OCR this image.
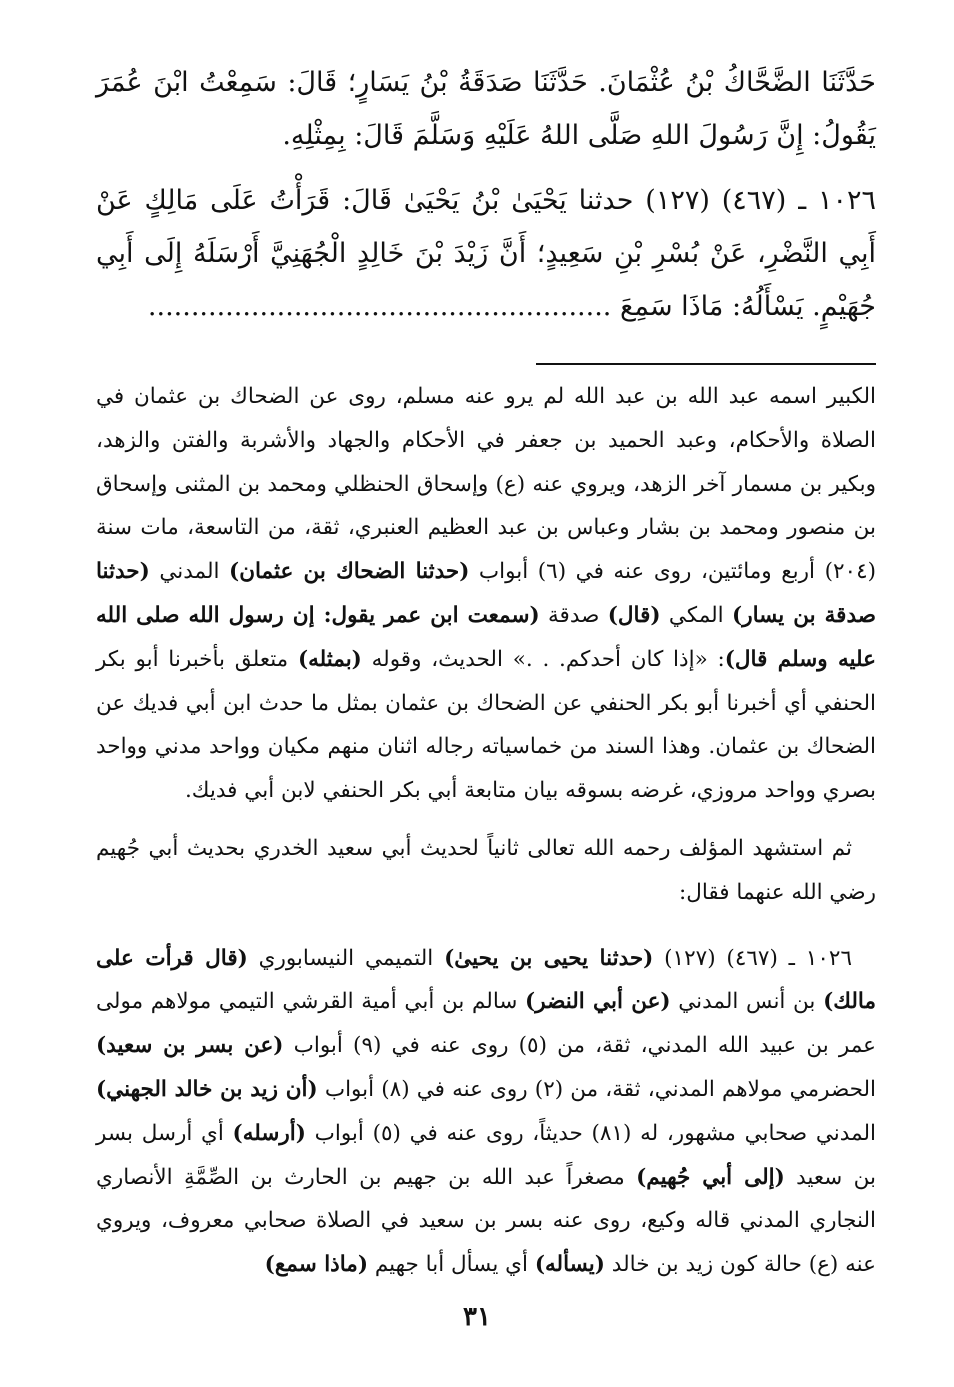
حَدَّثَنَا الضَّحَّاكُ بْنُ عُثْمَانَ. حَدَّثَنَا صَدَقَةُ بْنُ يَسَارٍ؛ قَالَ: سَمِعْتُ ابْنَ عُمَرَ يَقُولُ: إِنَّ رَسُولَ اللهِ صَلَّى اللهُ عَلَيْهِ وَسَلَّمَ قَالَ: بِمِثْلِهِ.

١٠٢٦ ـ (٤٦٧) (١٢٧) حدثنا يَحْيَىٰ بْنُ يَحْيَىٰ قَالَ: قَرَأْتُ عَلَى مَالِكٍ عَنْ أَبِي النَّضْرِ، عَنْ بُسْرِ بْنِ سَعِيدٍ؛ أَنَّ زَيْدَ بْنَ خَالِدٍ الْجُهَنِيَّ أَرْسَلَهُ إِلَى أَبِي جُهَيْمٍ. يَسْأَلُهُ: مَاذَا سَمِعَ ......................................................

الكبير اسمه عبد الله بن عبد الله لم يرو عنه مسلم، روى عن الضحاك بن عثمان في الصلاة والأحكام، وعبد الحميد بن جعفر في الأحكام والجهاد والأشربة والفتن والزهد، وبكير بن مسمار آخر الزهد، ويروي عنه (ع) وإسحاق الحنظلي ومحمد بن المثنى وإسحاق بن منصور ومحمد بن بشار وعباس بن عبد العظيم العنبري، ثقة، من التاسعة، مات سنة (٢٠٤) أربع ومائتين، روى عنه في (٦) أبواب (حدثنا الضحاك بن عثمان) المدني (حدثنا صدقة بن يسار) المكي (قال) صدقة (سمعت ابن عمر يقول: إن رسول الله صلى الله عليه وسلم قال): «إذا كان أحدكم. . .» الحديث، وقوله (بمثله) متعلق بأخبرنا أبو بكر الحنفي أي أخبرنا أبو بكر الحنفي عن الضحاك بن عثمان بمثل ما حدث ابن أبي فديك عن الضحاك بن عثمان. وهذا السند من خماسياته رجاله اثنان منهم مكيان وواحد مدني وواحد بصري وواحد مروزي، غرضه بسوقه بيان متابعة أبي بكر الحنفي لابن أبي فديك.

ثم استشهد المؤلف رحمه الله تعالى ثانياً لحديث أبي سعيد الخدري بحديث أبي جُهيم رضي الله عنهما فقال:

١٠٢٦ ـ (٤٦٧) (١٢٧) (حدثنا يحيى بن يحيىٰ) التميمي النيسابوري (قال قرأت على مالك) بن أنس المدني (عن أبي النضر) سالم بن أبي أمية القرشي التيمي مولاهم مولى عمر بن عبيد الله المدني، ثقة، من (٥) روى عنه في (٩) أبواب (عن بسر بن سعيد) الحضرمي مولاهم المدني، ثقة، من (٢) روى عنه في (٨) أبواب (أن زيد بن خالد الجهني) المدني صحابي مشهور، له (٨١) حديثاً، روى عنه في (٥) أبواب (أرسله) أي أرسل بسر بن سعيد (إلى أبي جُهيم) مصغراً عبد الله بن جهيم بن الحارث بن الصِّمَّةِ الأنصاري النجاري المدني قاله وكيع، روى عنه بسر بن سعيد في الصلاة صحابي معروف، ويروي عنه (ع) حالة كون زيد بن خالد (يسأله) أي يسأل أبا جهيم (ماذا سمع)

٣١
